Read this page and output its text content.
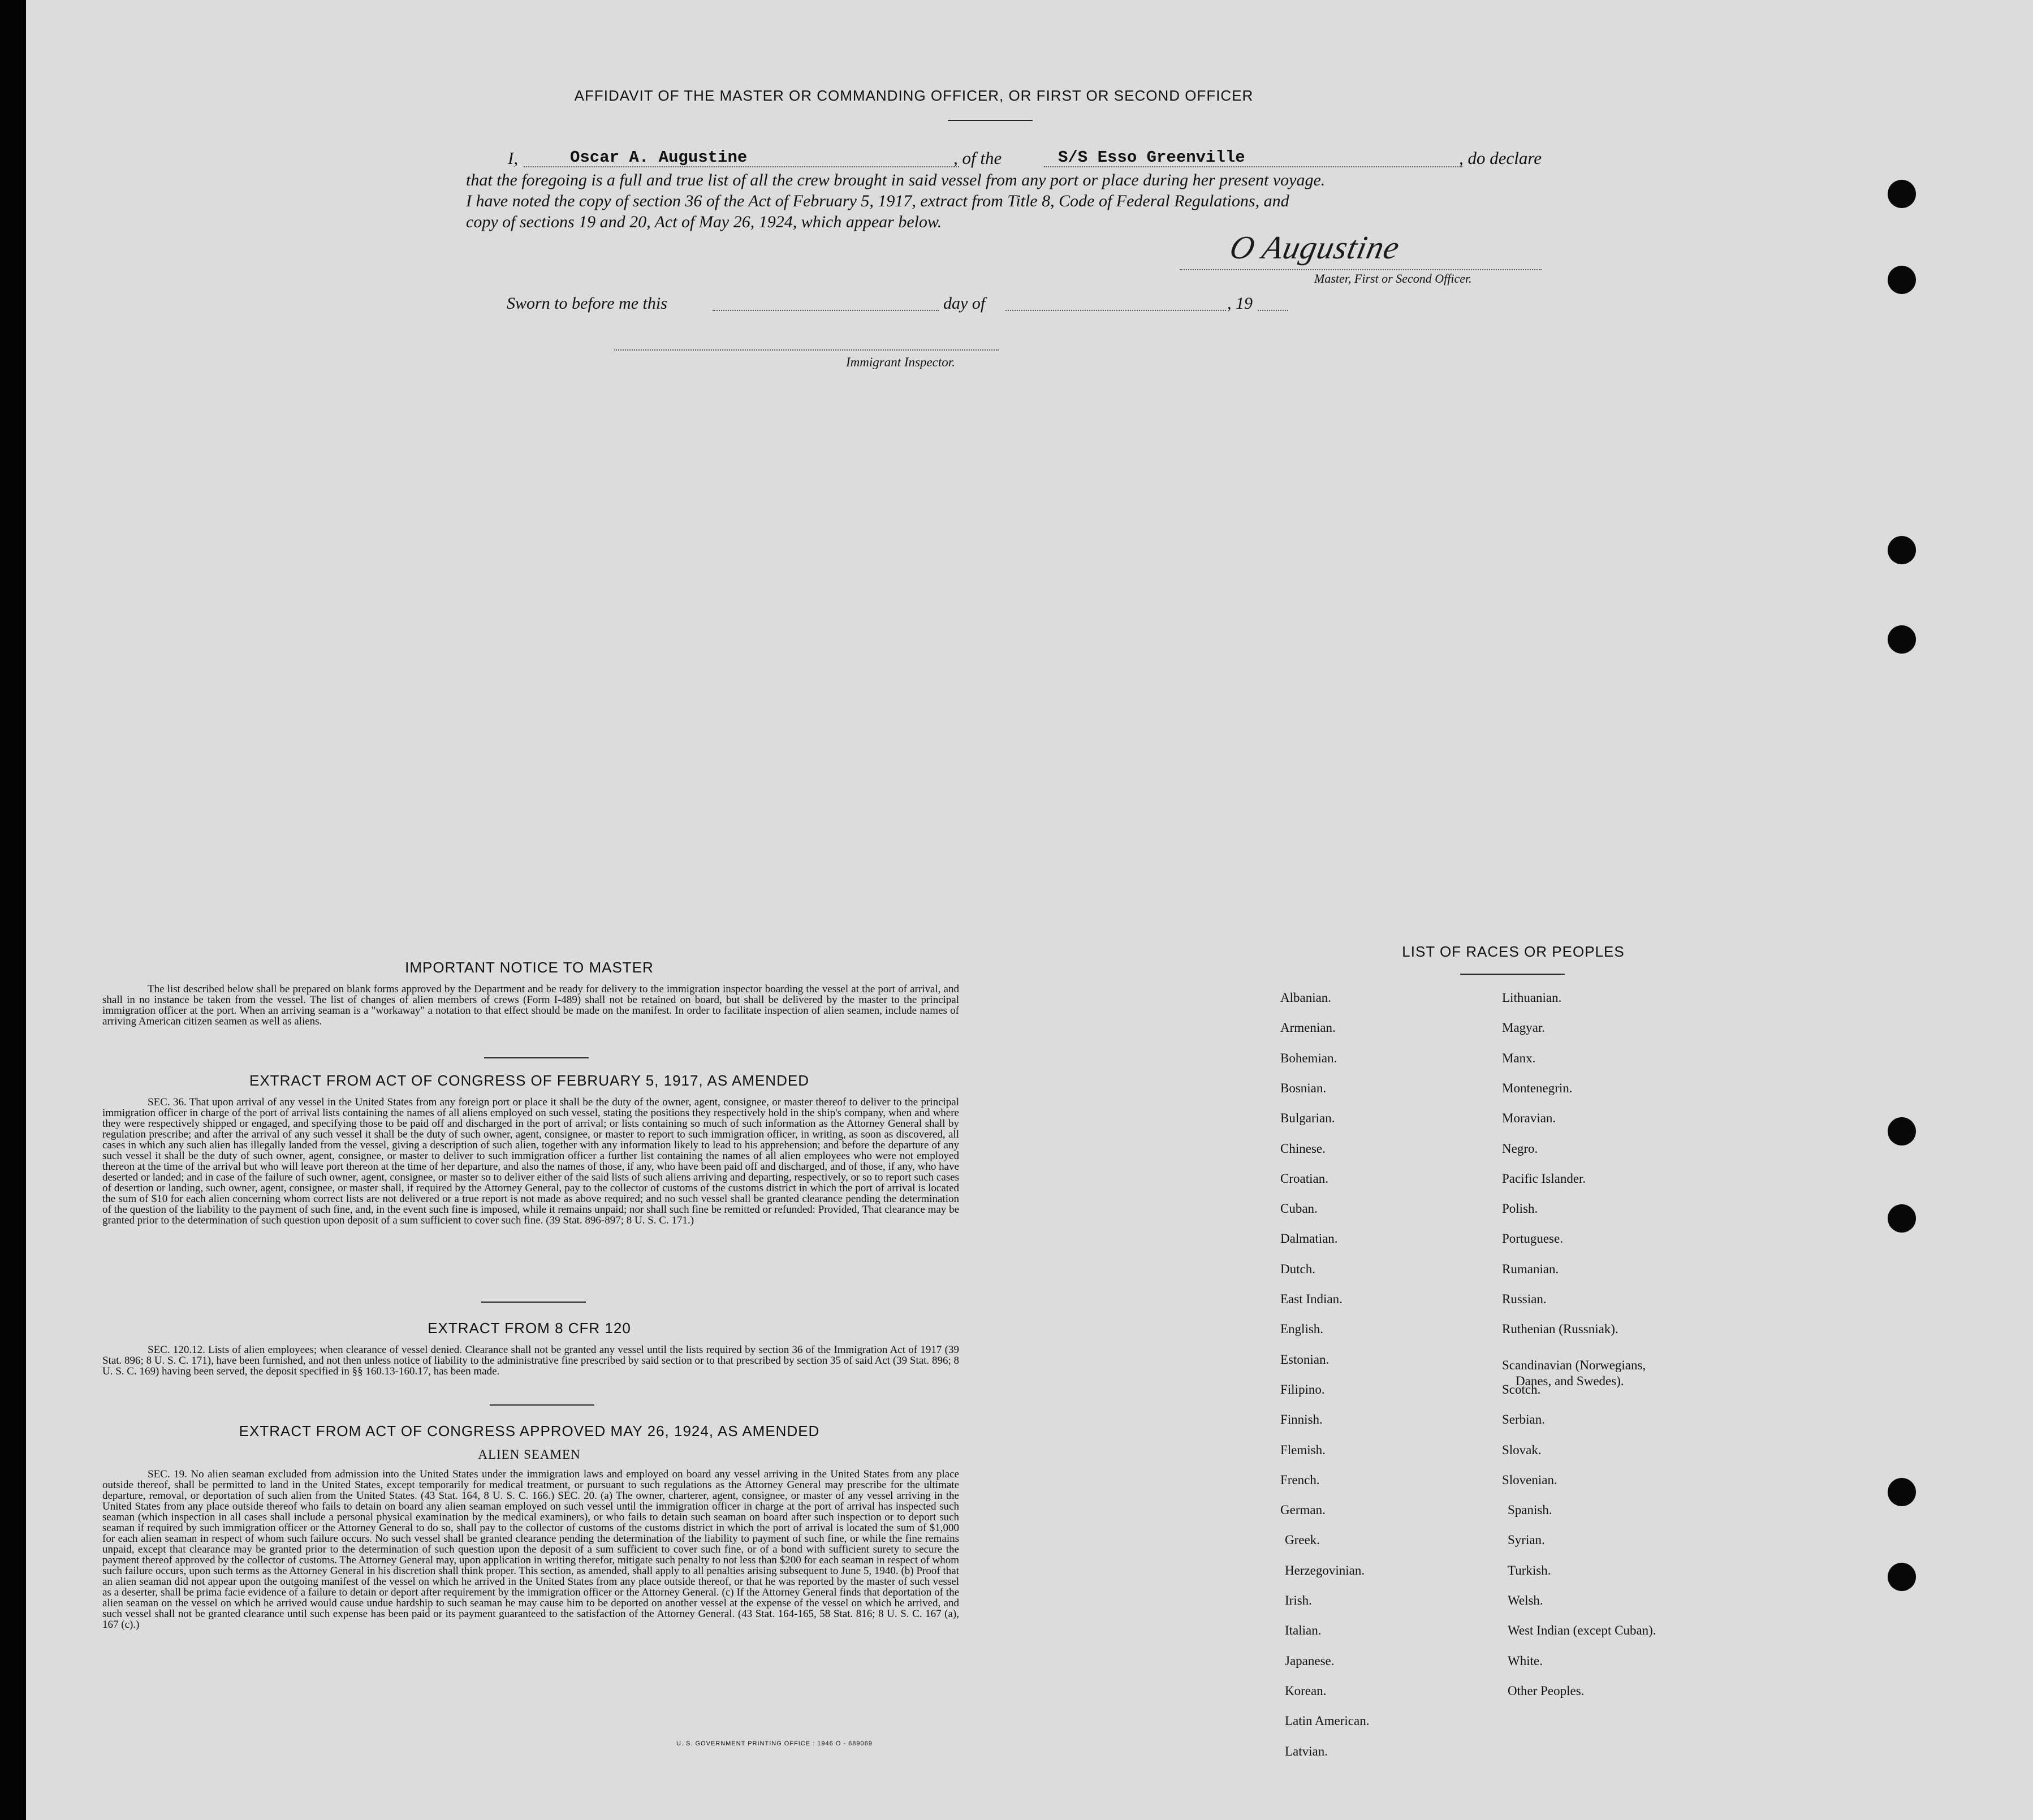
AFFIDAVIT OF THE MASTER OR COMMANDING OFFICER, OR FIRST OR SECOND OFFICER
I,	Oscar A. Augustine	, of the	S/S Esso Greenville	, do declare
that the foregoing is a full and true list of all the crew brought in said vessel from any port or place during her present voyage.
I have noted the copy of section 36 of the Act of February 5, 1917, extract from Title 8, Code of Federal Regulations, and
copy of sections 19 and 20, Act of May 26, 1924, which appear below.
O Augustine
Master, First or Second Officer.
Sworn to before me this	day of	, 19
Immigrant Inspector.
IMPORTANT NOTICE TO MASTER

The list described below shall be prepared on blank forms approved by the Department and be ready for delivery to the immigration inspector boarding the vessel at the port of arrival, and shall in no instance be taken from the vessel. The list of changes of alien members of crews (Form I-489) shall not be retained on board, but shall be delivered by the master to the principal immigration officer at the port. When an arriving seaman is a "workaway" a notation to that effect should be made on the manifest. In order to facilitate inspection of alien seamen, include names of arriving American citizen seamen as well as aliens.

EXTRACT FROM ACT OF CONGRESS OF FEBRUARY 5, 1917, AS AMENDED

SEC. 36. That upon arrival of any vessel in the United States from any foreign port or place it shall be the duty of the owner, agent, consignee, or master thereof to deliver to the principal immigration officer in charge of the port of arrival lists containing the names of all aliens employed on such vessel, stating the positions they respectively hold in the ship's company, when and where they were respectively shipped or engaged, and specifying those to be paid off and discharged in the port of arrival; or lists containing so much of such information as the Attorney General shall by regulation prescribe; and after the arrival of any such vessel it shall be the duty of such owner, agent, consignee, or master to report to such immigration officer, in writing, as soon as discovered, all cases in which any such alien has illegally landed from the vessel, giving a description of such alien, together with any information likely to lead to his apprehension; and before the departure of any such vessel it shall be the duty of such owner, agent, consignee, or master to deliver to such immigration officer a further list containing the names of all alien employees who were not employed thereon at the time of the arrival but who will leave port thereon at the time of her departure, and also the names of those, if any, who have been paid off and discharged, and of those, if any, who have deserted or landed; and in case of the failure of such owner, agent, consignee, or master so to deliver either of the said lists of such aliens arriving and departing, respectively, or so to report such cases of desertion or landing, such owner, agent, consignee, or master shall, if required by the Attorney General, pay to the collector of customs of the customs district in which the port of arrival is located the sum of $10 for each alien concerning whom correct lists are not delivered or a true report is not made as above required; and no such vessel shall be granted clearance pending the determination of the question of the liability to the payment of such fine, and, in the event such fine is imposed, while it remains unpaid; nor shall such fine be remitted or refunded: Provided, That clearance may be granted prior to the determination of such question upon deposit of a sum sufficient to cover such fine. (39 Stat. 896-897; 8 U. S. C. 171.)

EXTRACT FROM 8 CFR 120

SEC. 120.12. Lists of alien employees; when clearance of vessel denied. Clearance shall not be granted any vessel until the lists required by section 36 of the Immigration Act of 1917 (39 Stat. 896; 8 U. S. C. 171), have been furnished, and not then unless notice of liability to the administrative fine prescribed by said section or to that prescribed by section 35 of said Act (39 Stat. 896; 8 U. S. C. 169) having been served, the deposit specified in §§ 160.13-160.17, has been made.

EXTRACT FROM ACT OF CONGRESS APPROVED MAY 26, 1924, AS AMENDED
ALIEN SEAMEN

SEC. 19. No alien seaman excluded from admission into the United States under the immigration laws and employed on board any vessel arriving in the United States from any place outside thereof, shall be permitted to land in the United States, except temporarily for medical treatment, or pursuant to such regulations as the Attorney General may prescribe for the ultimate departure, removal, or deportation of such alien from the United States. (43 Stat. 164, 8 U. S. C. 166.) SEC. 20. (a) The owner, charterer, agent, consignee, or master of any vessel arriving in the United States from any place outside thereof who fails to detain on board any alien seaman employed on such vessel until the immigration officer in charge at the port of arrival has inspected such seaman (which inspection in all cases shall include a personal physical examination by the medical examiners), or who fails to detain such seaman on board after such inspection or to deport such seaman if required by such immigration officer or the Attorney General to do so, shall pay to the collector of customs of the customs district in which the port of arrival is located the sum of $1,000 for each alien seaman in respect of whom such failure occurs. No such vessel shall be granted clearance pending the determination of the liability to payment of such fine, or while the fine remains unpaid, except that clearance may be granted prior to the determination of such question upon the deposit of a sum sufficient to cover such fine, or of a bond with sufficient surety to secure the payment thereof approved by the collector of customs. The Attorney General may, upon application in writing therefor, mitigate such penalty to not less than $200 for each seaman in respect of whom such failure occurs, upon such terms as the Attorney General in his discretion shall think proper. This section, as amended, shall apply to all penalties arising subsequent to June 5, 1940. (b) Proof that an alien seaman did not appear upon the outgoing manifest of the vessel on which he arrived in the United States from any place outside thereof, or that he was reported by the master of such vessel as a deserter, shall be prima facie evidence of a failure to detain or deport after requirement by the immigration officer or the Attorney General. (c) If the Attorney General finds that deportation of the alien seaman on the vessel on which he arrived would cause undue hardship to such seaman he may cause him to be deported on another vessel at the expense of the vessel on which he arrived, and such vessel shall not be granted clearance until such expense has been paid or its payment guaranteed to the satisfaction of the Attorney General. (43 Stat. 164-165, 58 Stat. 816; 8 U. S. C. 167 (a), 167 (c).)

U. S. GOVERNMENT PRINTING OFFICE : 1946 O - 689069
LIST OF RACES OR PEOPLES
Albanian.
Armenian.
Bohemian.
Bosnian.
Bulgarian.
Chinese.
Croatian.
Cuban.
Dalmatian.
Dutch.
East Indian.
English.
Estonian.
Filipino.
Finnish.
Flemish.
French.
German.
Greek.
Herzegovinian.
Irish.
Italian.
Japanese.
Korean.
Latin American.
Latvian.
Lithuanian.
Magyar.
Manx.
Montenegrin.
Moravian.
Negro.
Pacific Islander.
Polish.
Portuguese.
Rumanian.
Russian.
Ruthenian (Russniak).
Scandinavian (Norwegians,
Danes, and Swedes).
Scotch.
Serbian.
Slovak.
Slovenian.
Spanish.
Syrian.
Turkish.
Welsh.
West Indian (except Cuban).
White.
Other Peoples.
